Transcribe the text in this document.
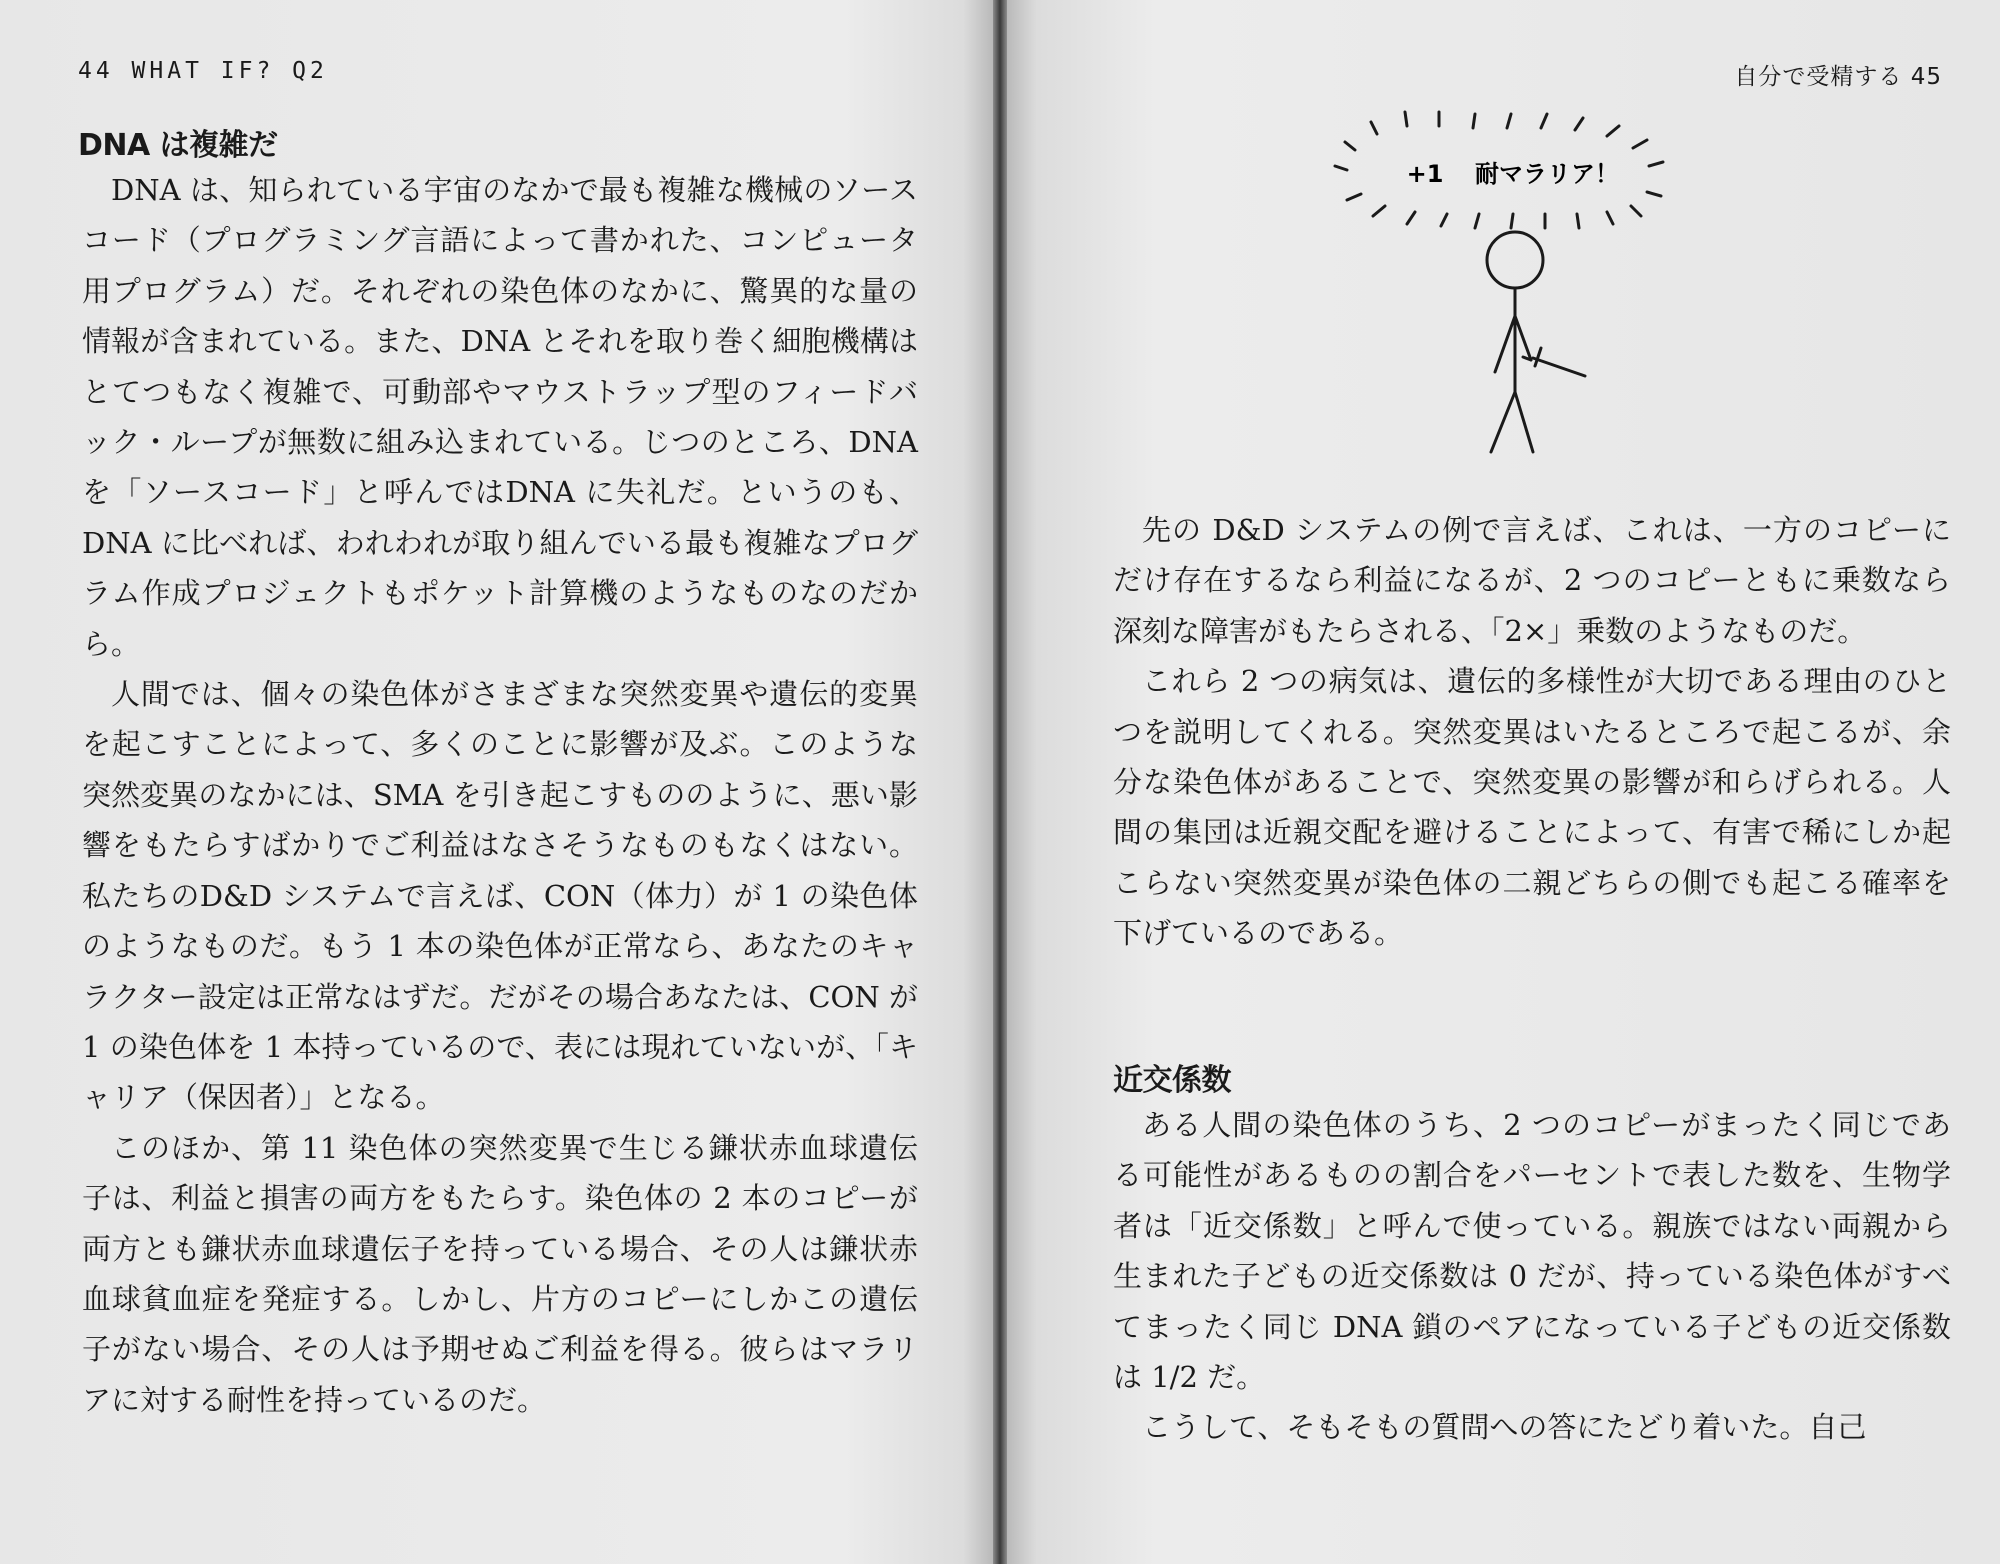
44 WHAT IF? Q2
DNA は複雑だ

DNA は、知られている宇宙のなかで最も複雑な機械のソースコード（プログラミング言語によって書かれた、コンピュータ用プログラム）だ。それぞれの染色体のなかに、驚異的な量の情報が含まれている。また、DNA とそれを取り巻く細胞機構はとてつもなく複雑で、可動部やマウストラップ型のフィードバック・ループが無数に組み込まれている。じつのところ、DNA を「ソースコード」と呼んではDNA に失礼だ。というのも、DNA に比べれば、われわれが取り組んでいる最も複雑なプログラム作成プロジェクトもポケット計算機のようなものなのだから。

人間では、個々の染色体がさまざまな突然変異や遺伝的変異を起こすことによって、多くのことに影響が及ぶ。このような突然変異のなかには、SMA を引き起こすもののように、悪い影響をもたらすばかりでご利益はなさそうなものもなくはない。私たちのD&D システムで言えば、CON（体力）が 1 の染色体のようなものだ。もう 1 本の染色体が正常なら、あなたのキャラクター設定は正常なはずだ。だがその場合あなたは、CON が 1 の染色体を 1 本持っているので、表には現れていないが、「キャリア（保因者）」となる。

このほか、第 11 染色体の突然変異で生じる鎌状赤血球遺伝子は、利益と損害の両方をもたらす。染色体の 2 本のコピーが両方とも鎌状赤血球遺伝子を持っている場合、その人は鎌状赤血球貧血症を発症する。しかし、片方のコピーにしかこの遺伝子がない場合、その人は予期せぬご利益を得る。彼らはマラリアに対する耐性を持っているのだ。

自分で受精する 45
+1 耐マラリア！

先の D&D システムの例で言えば、これは、一方のコピーにだけ存在するなら利益になるが、2 つのコピーともに乗数なら深刻な障害がもたらされる、「2×」乗数のようなものだ。

これら 2 つの病気は、遺伝的多様性が大切である理由のひとつを説明してくれる。突然変異はいたるところで起こるが、余分な染色体があることで、突然変異の影響が和らげられる。人間の集団は近親交配を避けることによって、有害で稀にしか起こらない突然変異が染色体の二親どちらの側でも起こる確率を下げているのである。

近交係数

ある人間の染色体のうち、2 つのコピーがまったく同じである可能性があるものの割合をパーセントで表した数を、生物学者は「近交係数」と呼んで使っている。親族ではない両親から生まれた子どもの近交係数は 0 だが、持っている染色体がすべてまったく同じ DNA 鎖のペアになっている子どもの近交係数は 1/2 だ。

こうして、そもそもの質問への答にたどり着いた。自己
